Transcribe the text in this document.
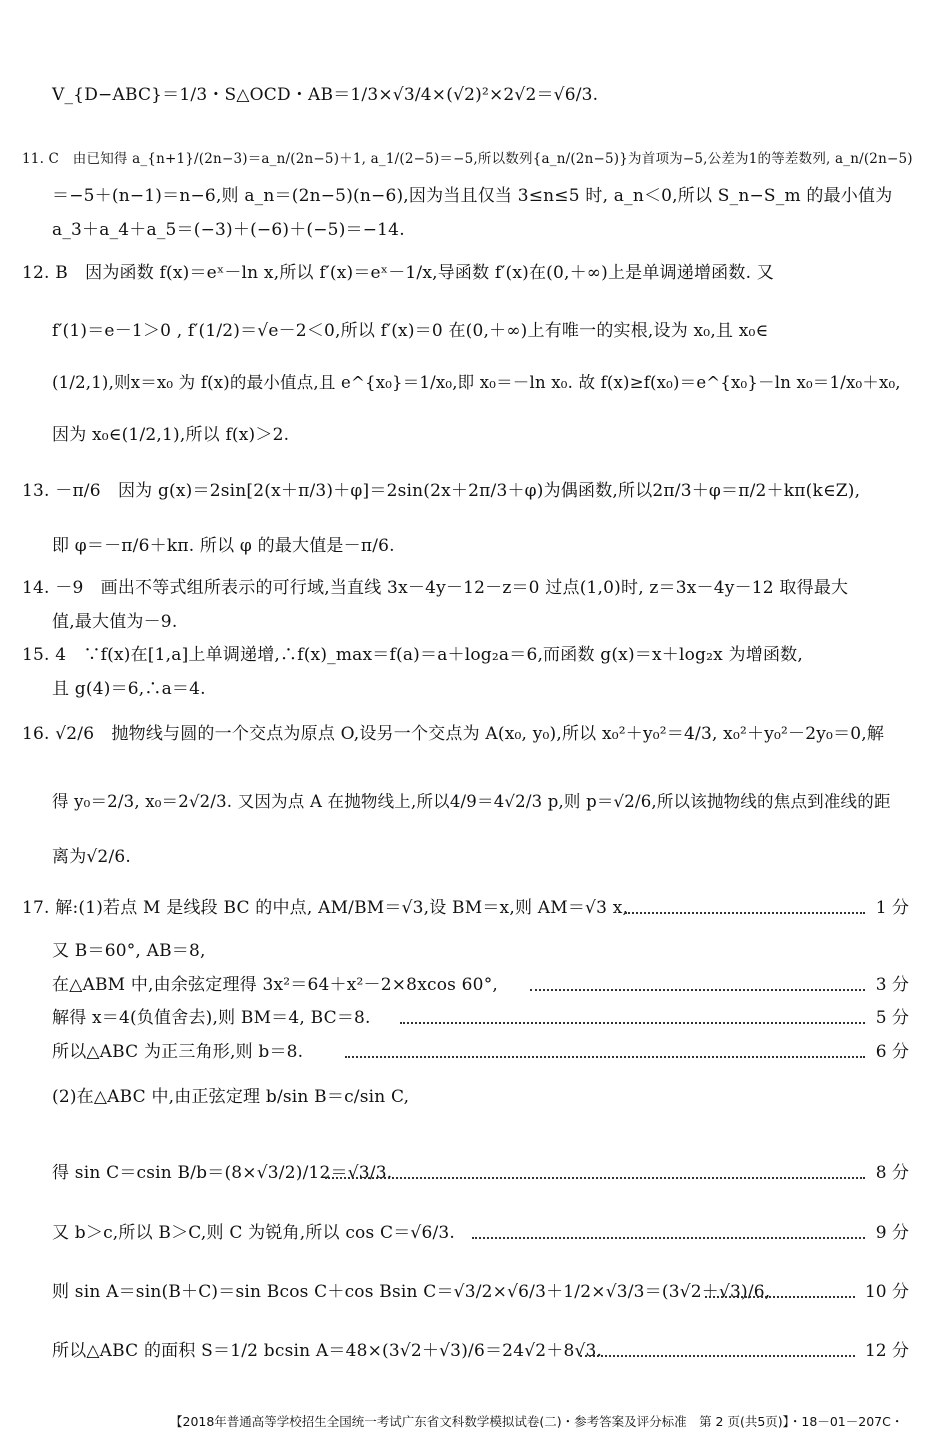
V_{D−ABC}＝1/3・S△OCD・AB＝1/3×√3/4×(√2)²×2√2＝√6/3.
11. C　由已知得 a_{n+1}/(2n−3)＝a_n/(2n−5)＋1, a_1/(2−5)＝−5,所以数列{a_n/(2n−5)}为首项为−5,公差为1的等差数列, a_n/(2n−5)
＝−5＋(n−1)＝n−6,则 a_n＝(2n−5)(n−6),因为当且仅当 3≤n≤5 时, a_n＜0,所以 S_n−S_m 的最小值为
a_3＋a_4＋a_5＝(−3)＋(−6)＋(−5)＝−14.
12. B　因为函数 f(x)＝eˣ－ln x,所以 f′(x)＝eˣ－1/x,导函数 f′(x)在(0,＋∞)上是单调递增函数. 又
f′(1)＝e－1＞0 , f′(1/2)＝√e－2＜0,所以 f′(x)＝0 在(0,＋∞)上有唯一的实根,设为 x₀,且 x₀∈
(1/2,1),则x＝x₀ 为 f(x)的最小值点,且 e^{x₀}＝1/x₀,即 x₀＝－ln x₀. 故 f(x)≥f(x₀)＝e^{x₀}－ln x₀＝1/x₀＋x₀,
因为 x₀∈(1/2,1),所以 f(x)＞2.
13. －π/6　因为 g(x)＝2sin[2(x＋π/3)＋φ]＝2sin(2x＋2π/3＋φ)为偶函数,所以2π/3＋φ＝π/2＋kπ(k∈Z),
即 φ＝－π/6＋kπ. 所以 φ 的最大值是－π/6.
14. －9　画出不等式组所表示的可行域,当直线 3x－4y－12－z＝0 过点(1,0)时, z＝3x－4y－12 取得最大
值,最大值为－9.
15. 4　∵f(x)在[1,a]上单调递增,∴f(x)_max＝f(a)＝a＋log₂a＝6,而函数 g(x)＝x＋log₂x 为增函数,
且 g(4)＝6,∴a＝4.
16. √2/6　抛物线与圆的一个交点为原点 O,设另一个交点为 A(x₀, y₀),所以 x₀²＋y₀²＝4/3, x₀²＋y₀²－2y₀＝0,解
得 y₀＝2/3, x₀＝2√2/3. 又因为点 A 在抛物线上,所以4/9＝4√2/3 p,则 p＝√2/6,所以该抛物线的焦点到准线的距
离为√2/6.
17. 解:(1)若点 M 是线段 BC 的中点, AM/BM＝√3,设 BM＝x,则 AM＝√3 x,	1 分
又 B＝60°, AB＝8,
在△ABM 中,由余弦定理得 3x²＝64＋x²－2×8xcos 60°,	3 分
解得 x＝4(负值舍去),则 BM＝4, BC＝8.	5 分
所以△ABC 为正三角形,则 b＝8.	6 分
(2)在△ABC 中,由正弦定理 b/sin B＝c/sin C,
得 sin C＝csin B/b＝(8×√3/2)/12＝√3/3.	8 分
又 b＞c,所以 B＞C,则 C 为锐角,所以 cos C＝√6/3.	9 分
则 sin A＝sin(B＋C)＝sin Bcos C＋cos Bsin C＝√3/2×√6/3＋1/2×√3/3＝(3√2＋√3)/6,	10 分
所以△ABC 的面积 S＝1/2 bcsin A＝48×(3√2＋√3)/6＝24√2＋8√3.	12 分
【2018年普通高等学校招生全国统一考试广东省文科数学模拟试卷(二)・参考答案及评分标准　第 2 页(共5页)】・18－01－207C・
